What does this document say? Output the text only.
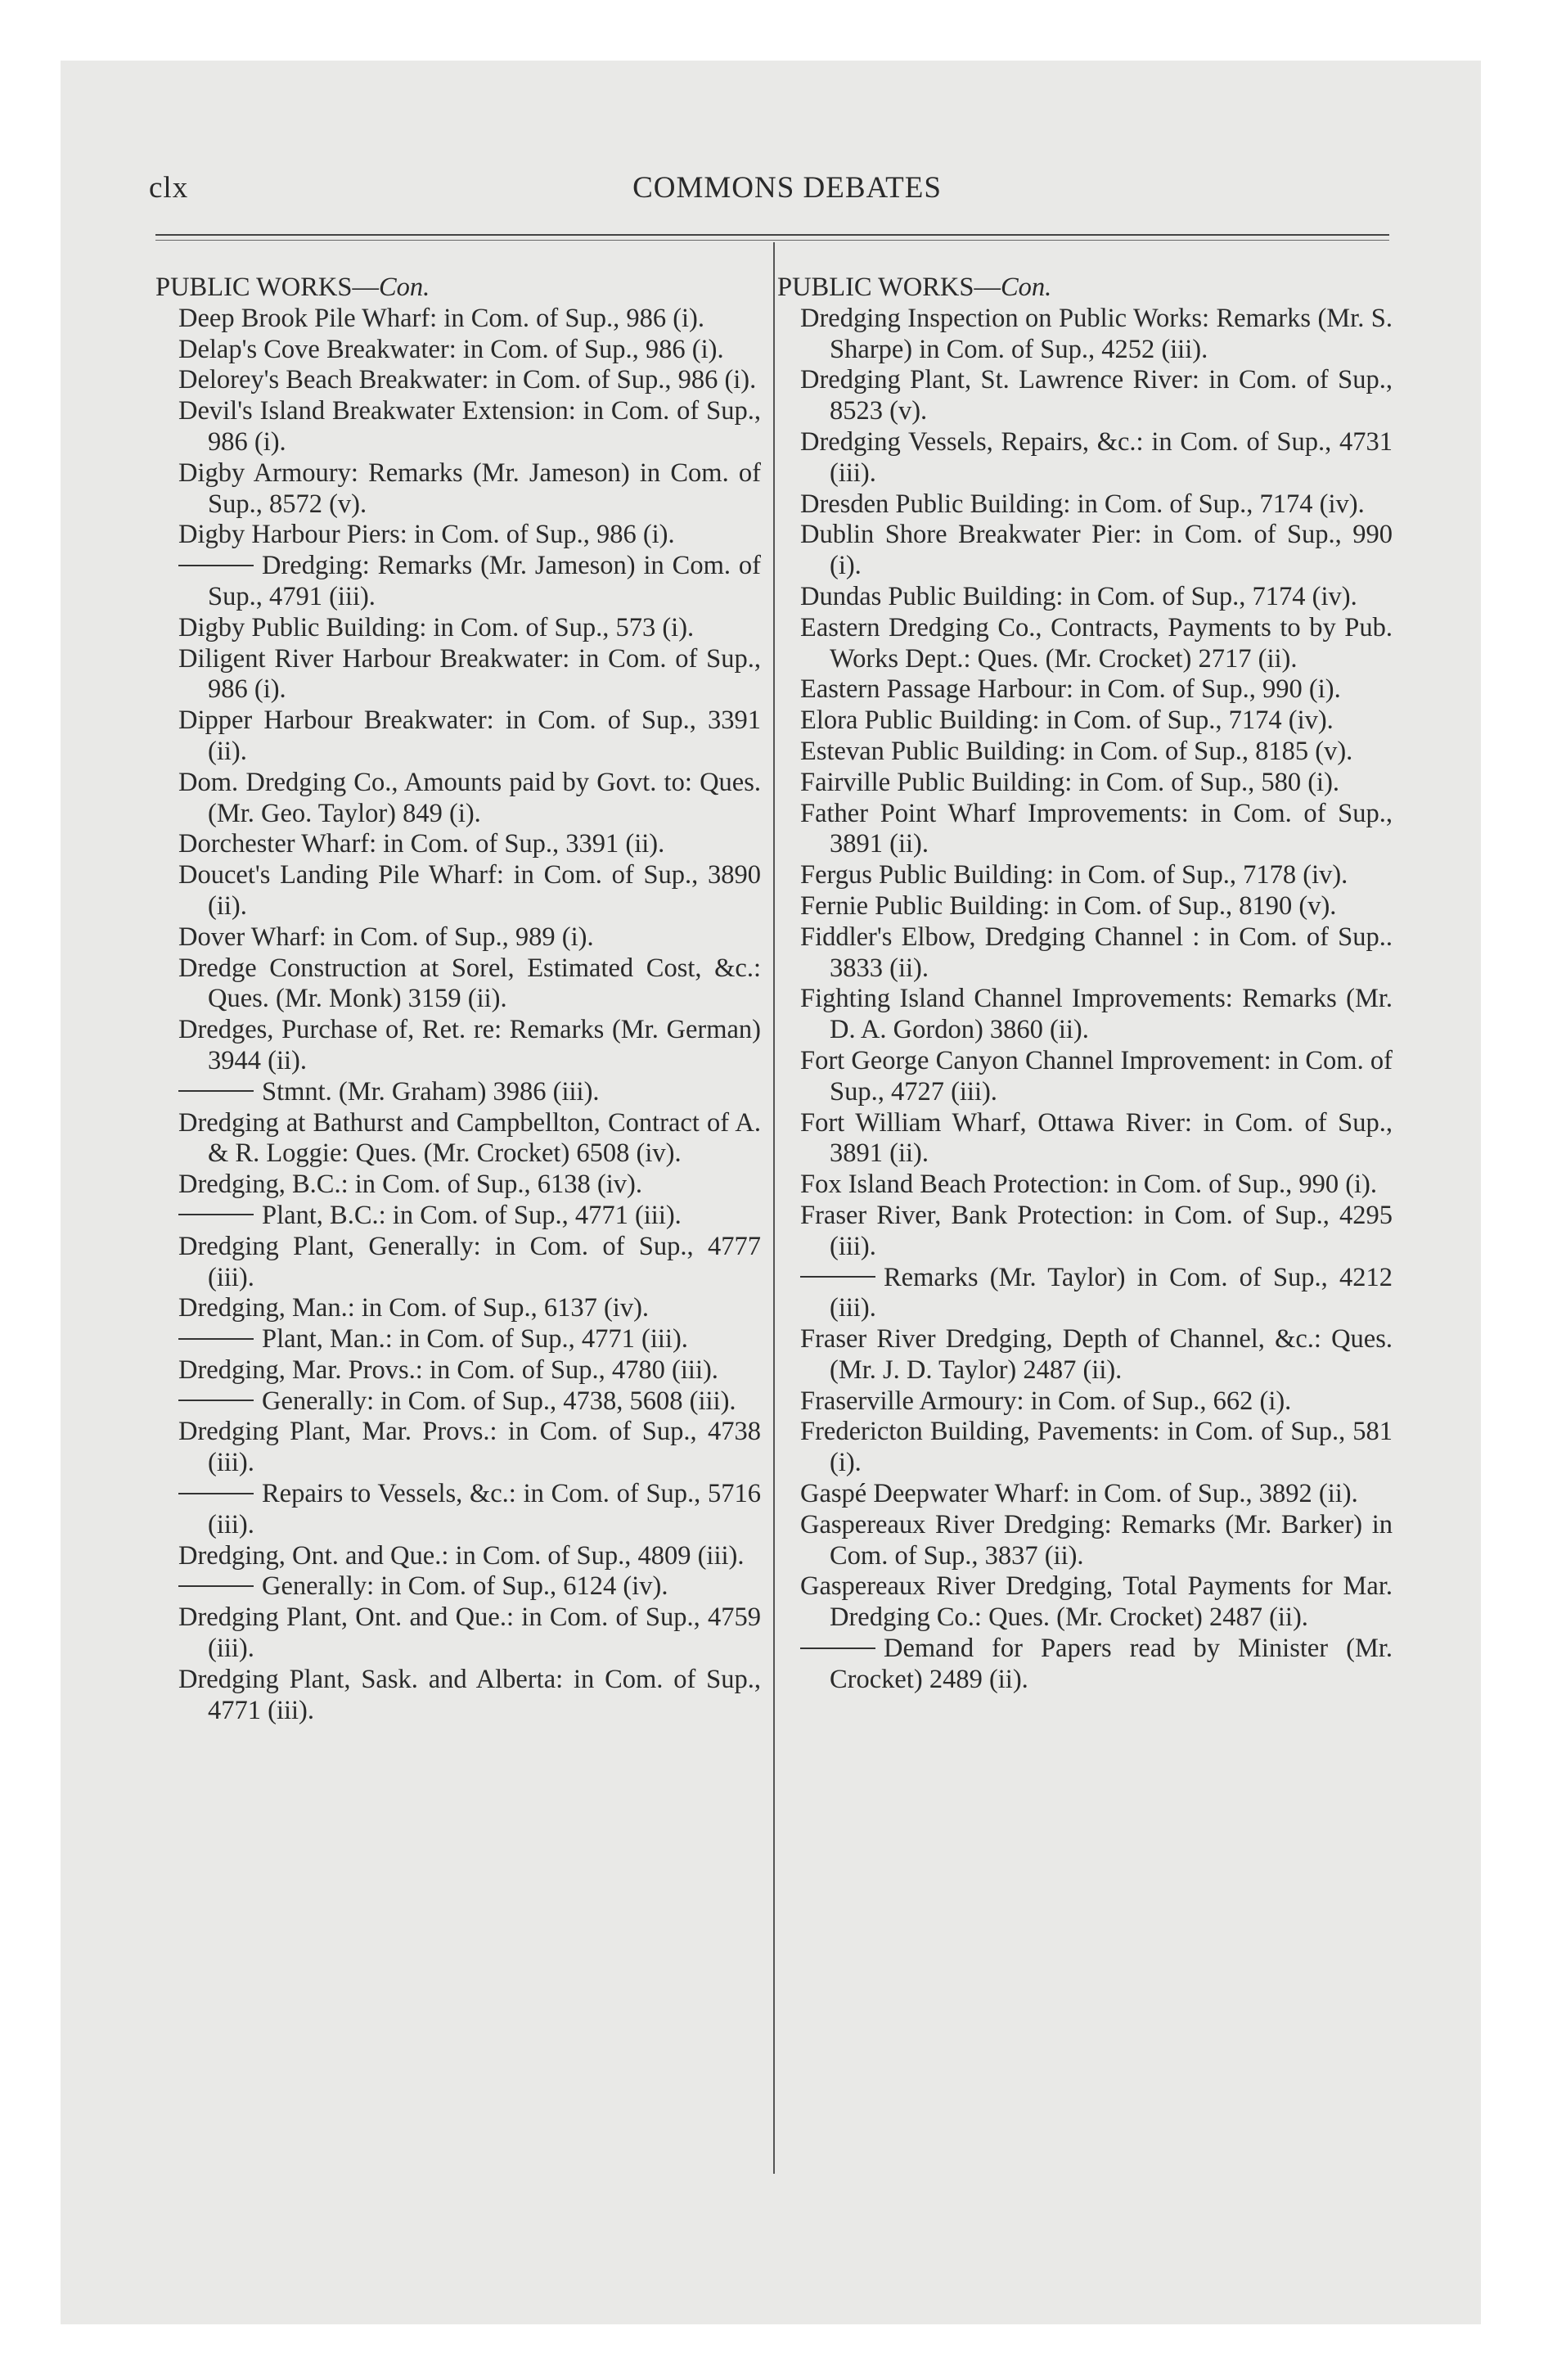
clx	COMMONS DEBATES
PUBLIC WORKS—Con.
Deep Brook Pile Wharf: in Com. of Sup., 986 (i).
Delap's Cove Breakwater: in Com. of Sup., 986 (i).
Delorey's Beach Breakwater: in Com. of Sup., 986 (i).
Devil's Island Breakwater Extension: in Com. of Sup., 986 (i).
Digby Armoury: Remarks (Mr. Jameson) in Com. of Sup., 8572 (v).
Digby Harbour Piers: in Com. of Sup., 986 (i).
Dredging: Remarks (Mr. Jameson) in Com. of Sup., 4791 (iii).
Digby Public Building: in Com. of Sup., 573 (i).
Diligent River Harbour Breakwater: in Com. of Sup., 986 (i).
Dipper Harbour Breakwater: in Com. of Sup., 3391 (ii).
Dom. Dredging Co., Amounts paid by Govt. to: Ques. (Mr. Geo. Taylor) 849 (i).
Dorchester Wharf: in Com. of Sup., 3391 (ii).
Doucet's Landing Pile Wharf: in Com. of Sup., 3890 (ii).
Dover Wharf: in Com. of Sup., 989 (i).
Dredge Construction at Sorel, Estimated Cost, &c.: Ques. (Mr. Monk) 3159 (ii).
Dredges, Purchase of, Ret. re: Remarks (Mr. German) 3944 (ii).
Stmnt. (Mr. Graham) 3986 (iii).
Dredging at Bathurst and Campbellton, Contract of A. & R. Loggie: Ques. (Mr. Crocket) 6508 (iv).
Dredging, B.C.: in Com. of Sup., 6138 (iv).
Plant, B.C.: in Com. of Sup., 4771 (iii).
Dredging Plant, Generally: in Com. of Sup., 4777 (iii).
Dredging, Man.: in Com. of Sup., 6137 (iv).
Plant, Man.: in Com. of Sup., 4771 (iii).
Dredging, Mar. Provs.: in Com. of Sup., 4780 (iii).
Generally: in Com. of Sup., 4738, 5608 (iii).
Dredging Plant, Mar. Provs.: in Com. of Sup., 4738 (iii).
Repairs to Vessels, &c.: in Com. of Sup., 5716 (iii).
Dredging, Ont. and Que.: in Com. of Sup., 4809 (iii).
Generally: in Com. of Sup., 6124 (iv).
Dredging Plant, Ont. and Que.: in Com. of Sup., 4759 (iii).
Dredging Plant, Sask. and Alberta: in Com. of Sup., 4771 (iii).
PUBLIC WORKS—Con.
Dredging Inspection on Public Works: Remarks (Mr. S. Sharpe) in Com. of Sup., 4252 (iii).
Dredging Plant, St. Lawrence River: in Com. of Sup., 8523 (v).
Dredging Vessels, Repairs, &c.: in Com. of Sup., 4731 (iii).
Dresden Public Building: in Com. of Sup., 7174 (iv).
Dublin Shore Breakwater Pier: in Com. of Sup., 990 (i).
Dundas Public Building: in Com. of Sup., 7174 (iv).
Eastern Dredging Co., Contracts, Payments to by Pub. Works Dept.: Ques. (Mr. Crocket) 2717 (ii).
Eastern Passage Harbour: in Com. of Sup., 990 (i).
Elora Public Building: in Com. of Sup., 7174 (iv).
Estevan Public Building: in Com. of Sup., 8185 (v).
Fairville Public Building: in Com. of Sup., 580 (i).
Father Point Wharf Improvements: in Com. of Sup., 3891 (ii).
Fergus Public Building: in Com. of Sup., 7178 (iv).
Fernie Public Building: in Com. of Sup., 8190 (v).
Fiddler's Elbow, Dredging Channel : in Com. of Sup.. 3833 (ii).
Fighting Island Channel Improvements: Remarks (Mr. D. A. Gordon) 3860 (ii).
Fort George Canyon Channel Improvement: in Com. of Sup., 4727 (iii).
Fort William Wharf, Ottawa River: in Com. of Sup., 3891 (ii).
Fox Island Beach Protection: in Com. of Sup., 990 (i).
Fraser River, Bank Protection: in Com. of Sup., 4295 (iii).
Remarks (Mr. Taylor) in Com. of Sup., 4212 (iii).
Fraser River Dredging, Depth of Channel, &c.: Ques. (Mr. J. D. Taylor) 2487 (ii).
Fraserville Armoury: in Com. of Sup., 662 (i).
Fredericton Building, Pavements: in Com. of Sup., 581 (i).
Gaspé Deepwater Wharf: in Com. of Sup., 3892 (ii).
Gaspereaux River Dredging: Remarks (Mr. Barker) in Com. of Sup., 3837 (ii).
Gaspereaux River Dredging, Total Payments for Mar. Dredging Co.: Ques. (Mr. Crocket) 2487 (ii).
Demand for Papers read by Minister (Mr. Crocket) 2489 (ii).
